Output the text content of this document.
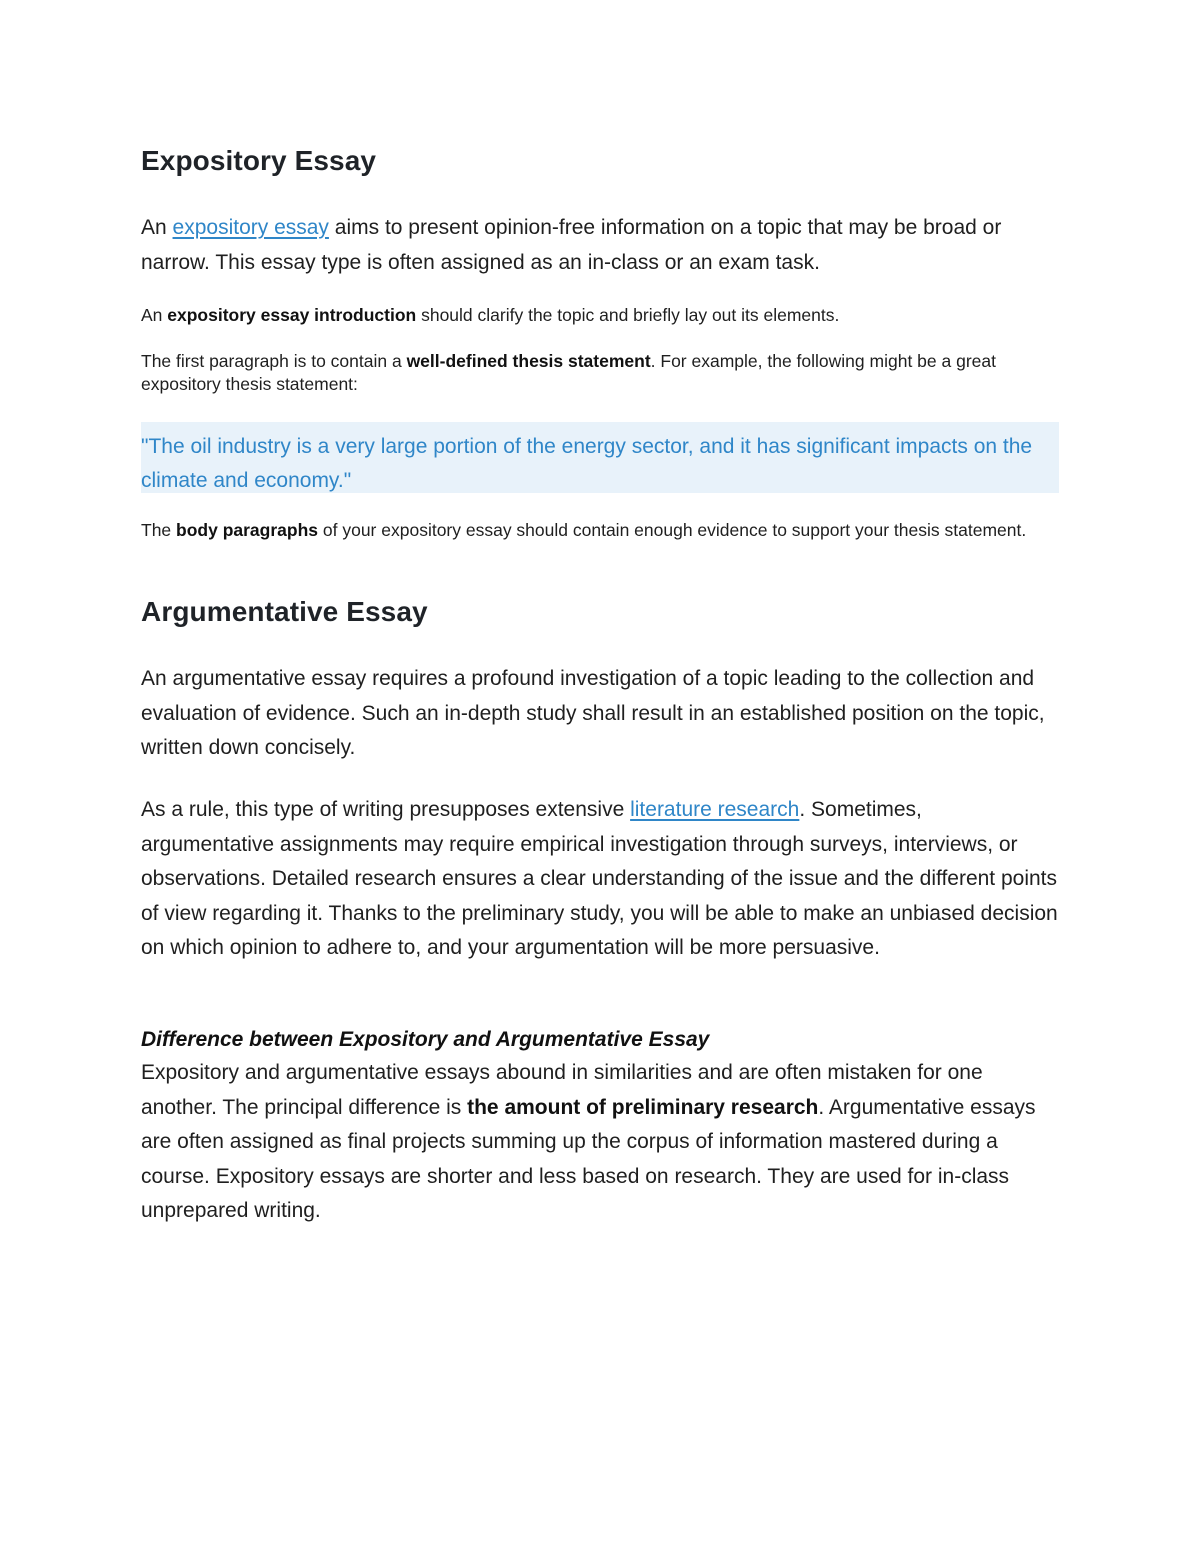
Expository Essay

An expository essay aims to present opinion-free information on a topic that may be broad or narrow. This essay type is often assigned as an in-class or an exam task.

An expository essay introduction should clarify the topic and briefly lay out its elements.

The first paragraph is to contain a well-defined thesis statement. For example, the following might be a great expository thesis statement:

"The oil industry is a very large portion of the energy sector, and it has significant impacts on the climate and economy."

The body paragraphs of your expository essay should contain enough evidence to support your thesis statement.

Argumentative Essay

An argumentative essay requires a profound investigation of a topic leading to the collection and evaluation of evidence. Such an in-depth study shall result in an established position on the topic, written down concisely.

As a rule, this type of writing presupposes extensive literature research. Sometimes, argumentative assignments may require empirical investigation through surveys, interviews, or observations. Detailed research ensures a clear understanding of the issue and the different points of view regarding it. Thanks to the preliminary study, you will be able to make an unbiased decision on which opinion to adhere to, and your argumentation will be more persuasive.

Difference between Expository and Argumentative Essay

Expository and argumentative essays abound in similarities and are often mistaken for one another. The principal difference is the amount of preliminary research. Argumentative essays are often assigned as final projects summing up the corpus of information mastered during a course. Expository essays are shorter and less based on research. They are used for in-class unprepared writing.
